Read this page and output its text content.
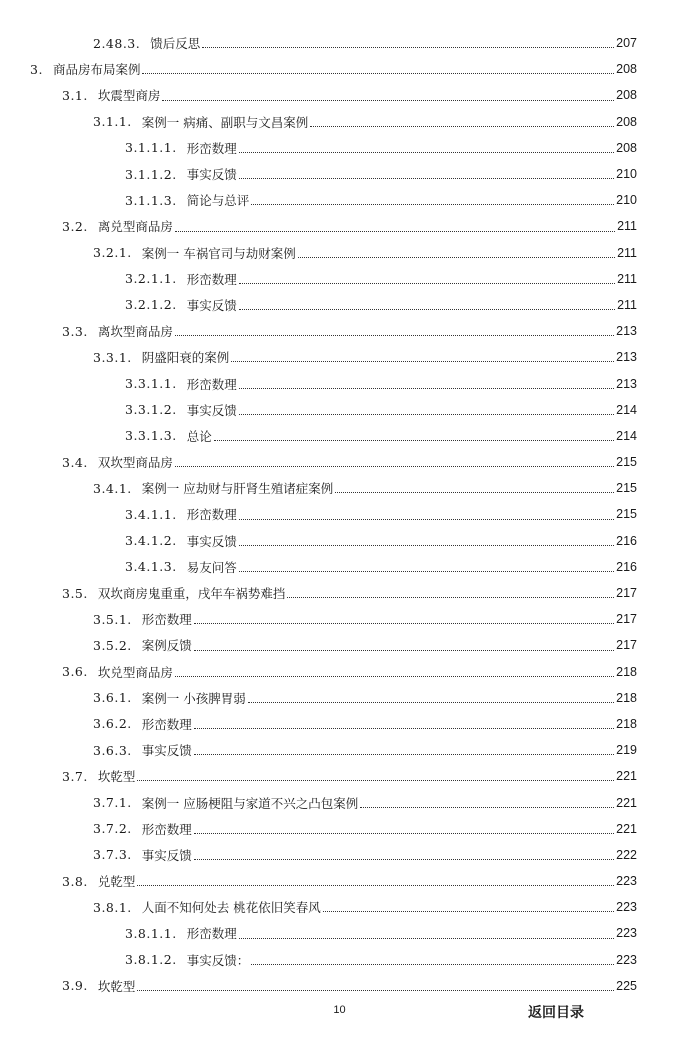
2.48.3. 馈后反思	207
3. 商品房布局案例	208
3.1. 坎震型商房	208
3.1.1. 案例一 病痛、副职与文昌案例	208
3.1.1.1. 形峦数理	208
3.1.1.2. 事实反馈	210
3.1.1.3. 简论与总评	210
3.2. 离兑型商品房	211
3.2.1. 案例一 车祸官司与劫财案例	211
3.2.1.1. 形峦数理	211
3.2.1.2. 事实反馈	211
3.3. 离坎型商品房	213
3.3.1. 阴盛阳衰的案例	213
3.3.1.1. 形峦数理	213
3.3.1.2. 事实反馈	214
3.3.1.3. 总论	214
3.4. 双坎型商品房	215
3.4.1. 案例一 应劫财与肝肾生殖诸症案例	215
3.4.1.1. 形峦数理	215
3.4.1.2. 事实反馈	216
3.4.1.3. 易友问答	216
3.5. 双坎商房鬼重重，戌年车祸势难挡	217
3.5.1. 形峦数理	217
3.5.2. 案例反馈	217
3.6. 坎兑型商品房	218
3.6.1. 案例一 小孩脾胃弱	218
3.6.2. 形峦数理	218
3.6.3. 事实反馈	219
3.7. 坎乾型	221
3.7.1. 案例一 应肠梗阻与家道不兴之凸包案例	221
3.7.2. 形峦数理	221
3.7.3. 事实反馈	222
3.8. 兑乾型	223
3.8.1. 人面不知何处去 桃花依旧笑春风	223
3.8.1.1. 形峦数理	223
3.8.1.2. 事实反馈：	223
3.9. 坎乾型	225
10	返回目录
